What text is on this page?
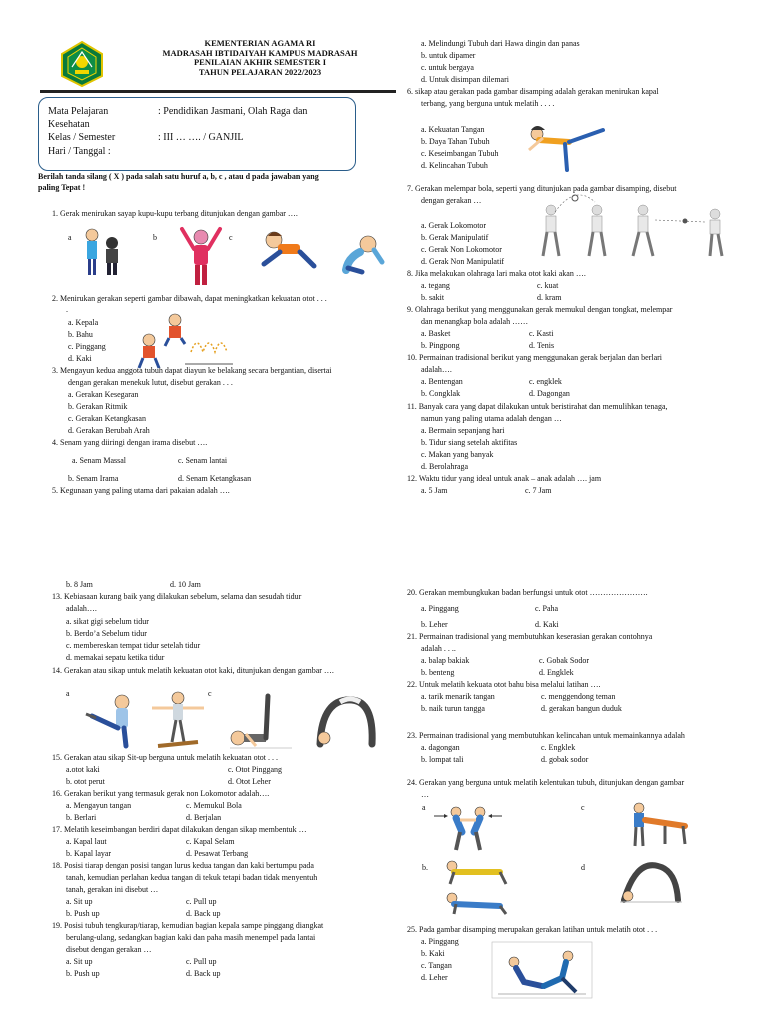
KEMENTERIAN AGAMA RI
MADRASAH IBTIDAIYAH KAMPUS MADRASAH
PENILAIAN AKHIR SEMESTER I
TAHUN PELAJARAN 2022/2023
Mata Pelajaran	: Pendidikan Jasmani, Olah Raga dan
Kesehatan
Kelas / Semester	: III … …. / GANJIL
Hari / Tanggal :
Berilah tanda silang ( X ) pada salah satu huruf a, b, c , atau d pada jawaban yang
paling Tepat !
1. Gerak menirukan sayap kupu-kupu terbang ditunjukan dengan gambar ….
a	b	c
2. Menirukan gerakan seperti gambar dibawah, dapat meningkatkan kekuatan otot . . .
.
a. Kepala
b. Bahu
c. Pinggang
d. Kaki
3. Mengayun kedua anggota tubuh dapat diayun ke belakang secara bergantian, disertai
dengan gerakan menekuk lutut, disebut gerakan . . .
a. Gerakan Kesegaran
b. Gerakan Ritmik
c. Gerakan Ketangkasan
d. Gerakan Berubah Arah
4. Senam yang diiringi dengan irama disebut ….
a. Senam Massal	c. Senam lantai
b. Senam Irama	d. Senam Ketangkasan
5. Kegunaan yang paling utama dari pakaian adalah ….
a. Melindungi Tubuh dari Hawa dingin dan panas
b. untuk dipamer
c. untuk bergaya
d. Untuk disimpan dilemari
6. sikap atau gerakan pada gambar disamping adalah gerakan menirukan kapal
terbang, yang berguna untuk melatih . . . .
a. Kekuatan Tangan
b. Daya Tahan Tubuh
c. Keseimbangan Tubuh
d. Kelincahan Tubuh
7. Gerakan melempar bola, seperti yang ditunjukan pada gambar disamping, disebut
dengan gerakan …
a. Gerak Lokomotor
b. Gerak Manipulatif
c. Gerak Non Lokomotor
d. Gerak Non Manipulatif
8. Jika melakukan olahraga lari maka otot kaki akan ….
a. tegang	c. kuat
b. sakit	d. kram
9. Olahraga berikut yang menggunakan gerak memukul dengan tongkat, melempar
dan menangkap bola adalah ……
a. Basket	c. Kasti
b. Pingpong	d. Tenis
10. Permainan tradisional berikut yang menggunakan gerak berjalan dan berlari
adalah….
a. Bentengan	c. engklek
b. Congklak	d. Dagongan
11. Banyak cara yang dapat dilakukan untuk beristirahat dan memulihkan tenaga,
namun yang paling utama adalah dengan …
a. Bermain sepanjang hari
b. Tidur siang setelah aktifitas
c. Makan yang banyak
d. Berolahraga
12. Waktu tidur yang ideal untuk anak – anak adalah …. jam
a. 5 Jam	c. 7 Jam
b. 8 Jam	d. 10 Jam
13. Kebiasaan kurang baik yang dilakukan sebelum, selama dan sesudah tidur
adalah….
a. sikat gigi sebelum tidur
b. Berdo’a Sebelum tidur
c. membereskan tempat tidur setelah tidur
d. memakai sepatu ketika tidur
14. Gerakan atau sikap untuk melatih kekuatan otot kaki, ditunjukan dengan gambar ….
a	c
15. Gerakan atau sikap Sit-up berguna untuk melatih kekuatan otot . . .
a.otot kaki	c. Otot Pinggang
b. otot perut	d. Otot Leher
16. Gerakan berikut yang termasuk gerak non Lokomotor adalah….
a. Mengayun tangan	c. Memukul Bola
b. Berlari	d. Berjalan
17. Melatih keseimbangan berdiri dapat dilakukan dengan sikap membentuk …
a. Kapal laut	c. Kapal Selam
b. Kapal layar	d. Pesawat Terbang
18. Posisi tiarap dengan posisi tangan lurus kedua tangan dan kaki bertumpu pada
tanah, kemudian perlahan kedua tangan di tekuk tetapi badan tidak menyentuh
tanah, gerakan ini disebut …
a. Sit up	c. Pull up
b. Push up	d. Back up
19. Posisi tubuh tengkurap/tiarap, kemudian bagian kepala sampe pinggang diangkat
berulang-ulang, sedangkan bagian kaki dan paha masih menempel pada lantai
disebut dengan gerakan …
a. Sit up	c. Pull up
b. Push up	d. Back up
20. Gerakan membungkukan badan berfungsi untuk otot ………………….
a. Pinggang	c. Paha
b. Leher	d. Kaki
21. Permainan tradisional yang membutuhkan keserasian gerakan contohnya
adalah . . ..
a. balap bakiak	c. Gobak Sodor
b. benteng	d. Engklek
22. Untuk melatih kekuata otot bahu bisa melalui latihan ….
a. tarik menarik tangan	c. menggendong teman
b. naik turun tangga	d. gerakan bangun duduk
23. Permainan tradisional yang membutuhkan kelincahan untuk memainkannya adalah
a. dagongan	c. Engklek
b. lompat tali	d. gobak sodor
24. Gerakan yang berguna untuk melatih kelentukan tubuh, ditunjukan dengan gambar
…
a	c
b.	d
25. Pada gambar disamping merupakan gerakan latihan untuk melatih otot . . .
a. Pinggang
b. Kaki
c. Tangan
d. Leher
